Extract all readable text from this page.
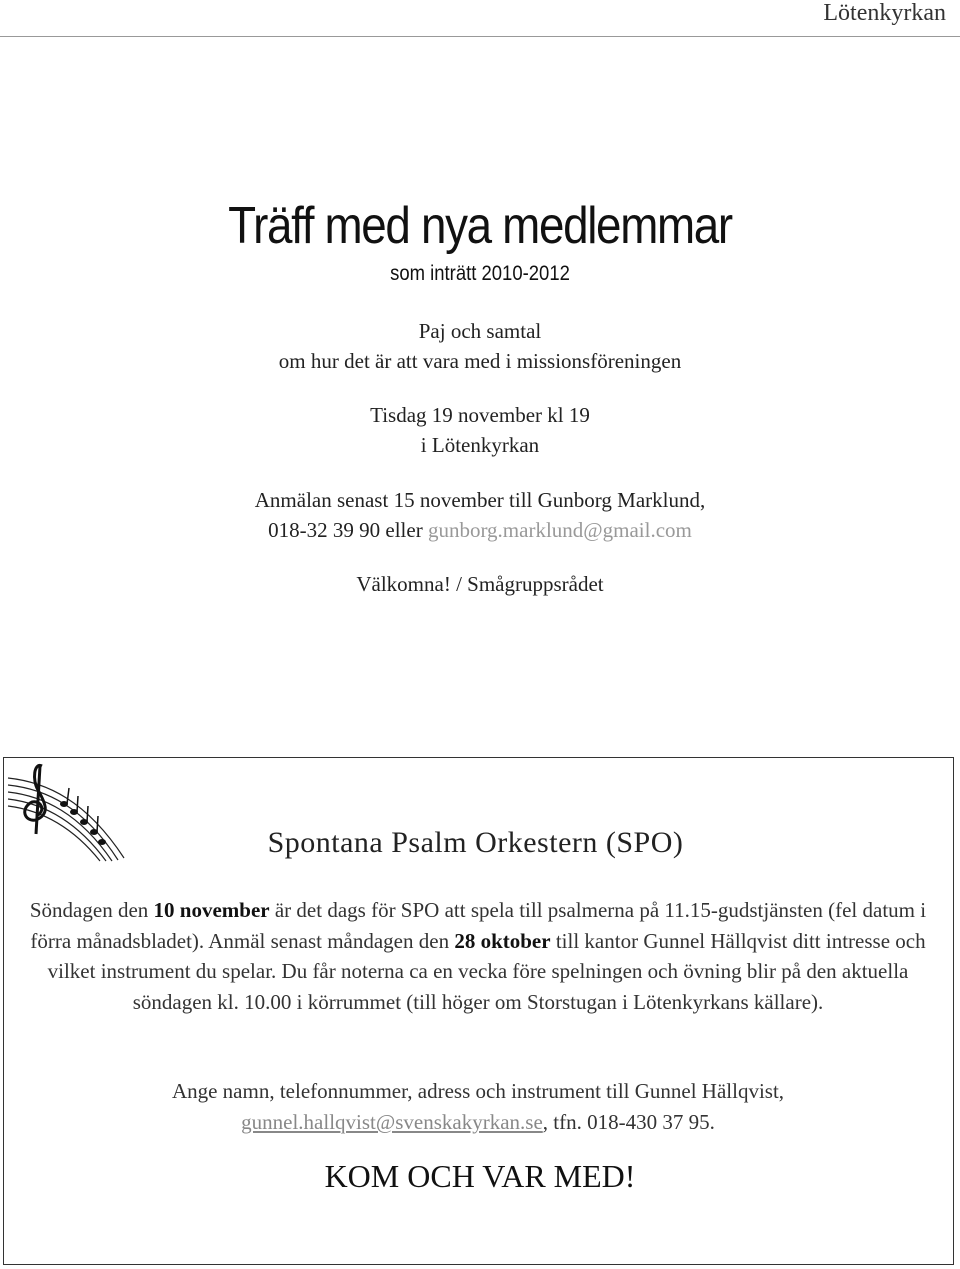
Lötenkyrkan
Träff med nya medlemmar
som inträtt 2010-2012
Paj och samtal
om hur det är att vara med i missionsföreningen
Tisdag 19 november kl 19
i Lötenkyrkan
Anmälan senast 15 november till Gunborg Marklund,
018-32 39 90 eller gunborg.marklund@gmail.com
Välkomna! / Smågruppsrådet
Spontana Psalm Orkestern (SPO)
Söndagen den 10 november är det dags för SPO att spela till psalmerna på 11.15-gudstjänsten (fel datum i förra månadsbladet). Anmäl senast måndagen den 28 oktober till kantor Gunnel Hällqvist ditt intresse och vilket instrument du spelar. Du får noterna ca en vecka före spelningen och övning blir på den aktuella söndagen kl. 10.00 i körrummet (till höger om Storstugan i Lötenkyrkans källare).
Ange namn, telefonnummer, adress och instrument till Gunnel Hällqvist,
gunnel.hallqvist@svenskakyrkan.se, tfn. 018-430 37 95.
KOM OCH VAR MED!
